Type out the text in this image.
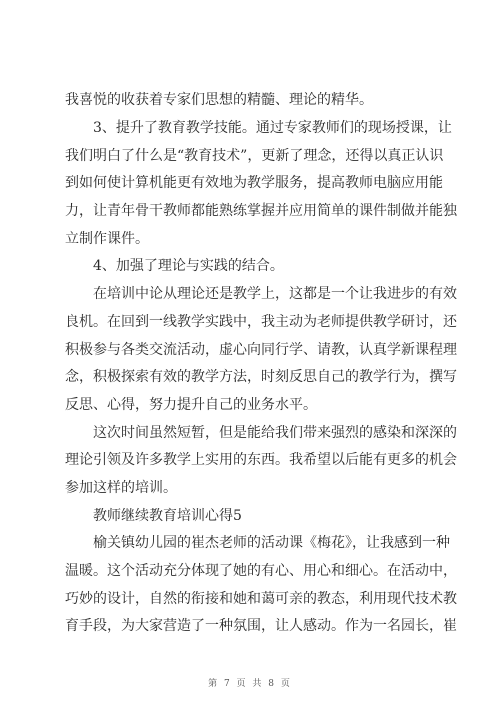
我喜悦的收获着专家们思想的精髓、理论的精华。
3、提升了教育教学技能。通过专家教师们的现场授课，让
我们明白了什么是“教育技术”，更新了理念，还得以真正认识
到如何使计算机能更有效地为教学服务，提高教师电脑应用能
力，让青年骨干教师都能熟练掌握并应用简单的课件制做并能独
立制作课件。
4、加强了理论与实践的结合。
在培训中论从理论还是教学上，这都是一个让我进步的有效
良机。在回到一线教学实践中，我主动为老师提供教学研讨，还
积极参与各类交流活动，虚心向同行学、请教，认真学新课程理
念，积极探索有效的教学方法，时刻反思自己的教学行为，撰写
反思、心得，努力提升自己的业务水平。
这次时间虽然短暂，但是能给我们带来强烈的感染和深深的
理论引领及许多教学上实用的东西。我希望以后能有更多的机会
参加这样的培训。
教师继续教育培训心得5
榆关镇幼儿园的崔杰老师的活动课《梅花》，让我感到一种
温暖。这个活动充分体现了她的有心、用心和细心。在活动中，
巧妙的设计，自然的衔接和她和蔼可亲的教态，利用现代技术教
育手段，为大家营造了一种氛围，让人感动。作为一名园长，崔
第 7 页 共 8 页
